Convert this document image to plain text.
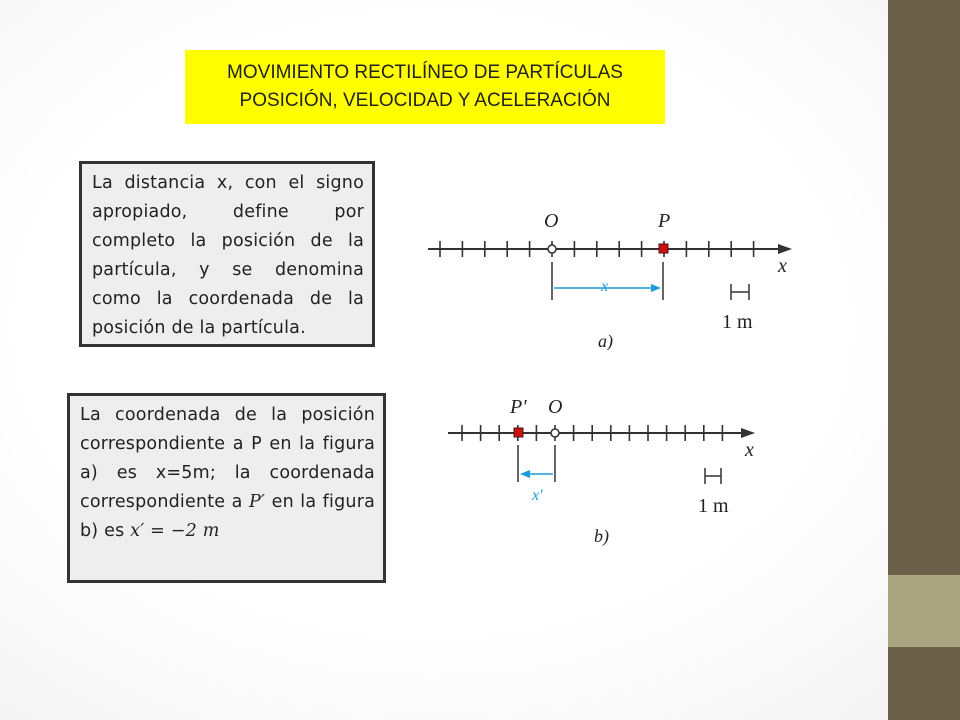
MOVIMIENTO RECTILÍNEO DE PARTÍCULAS
POSICIÓN, VELOCIDAD Y ACELERACIÓN
La distancia x, con el signo apropiado, define por completo la posición de la partícula, y se denomina como la coordenada de la posición de la partícula.
La coordenada de la posición correspondiente a P en la figura a) es x=5m; la coordenada correspondiente a P′ en la figura b) es x′ = −2 m
O	P
x
x
1 m
a)
O
P'
x
x'	1 m
b)
